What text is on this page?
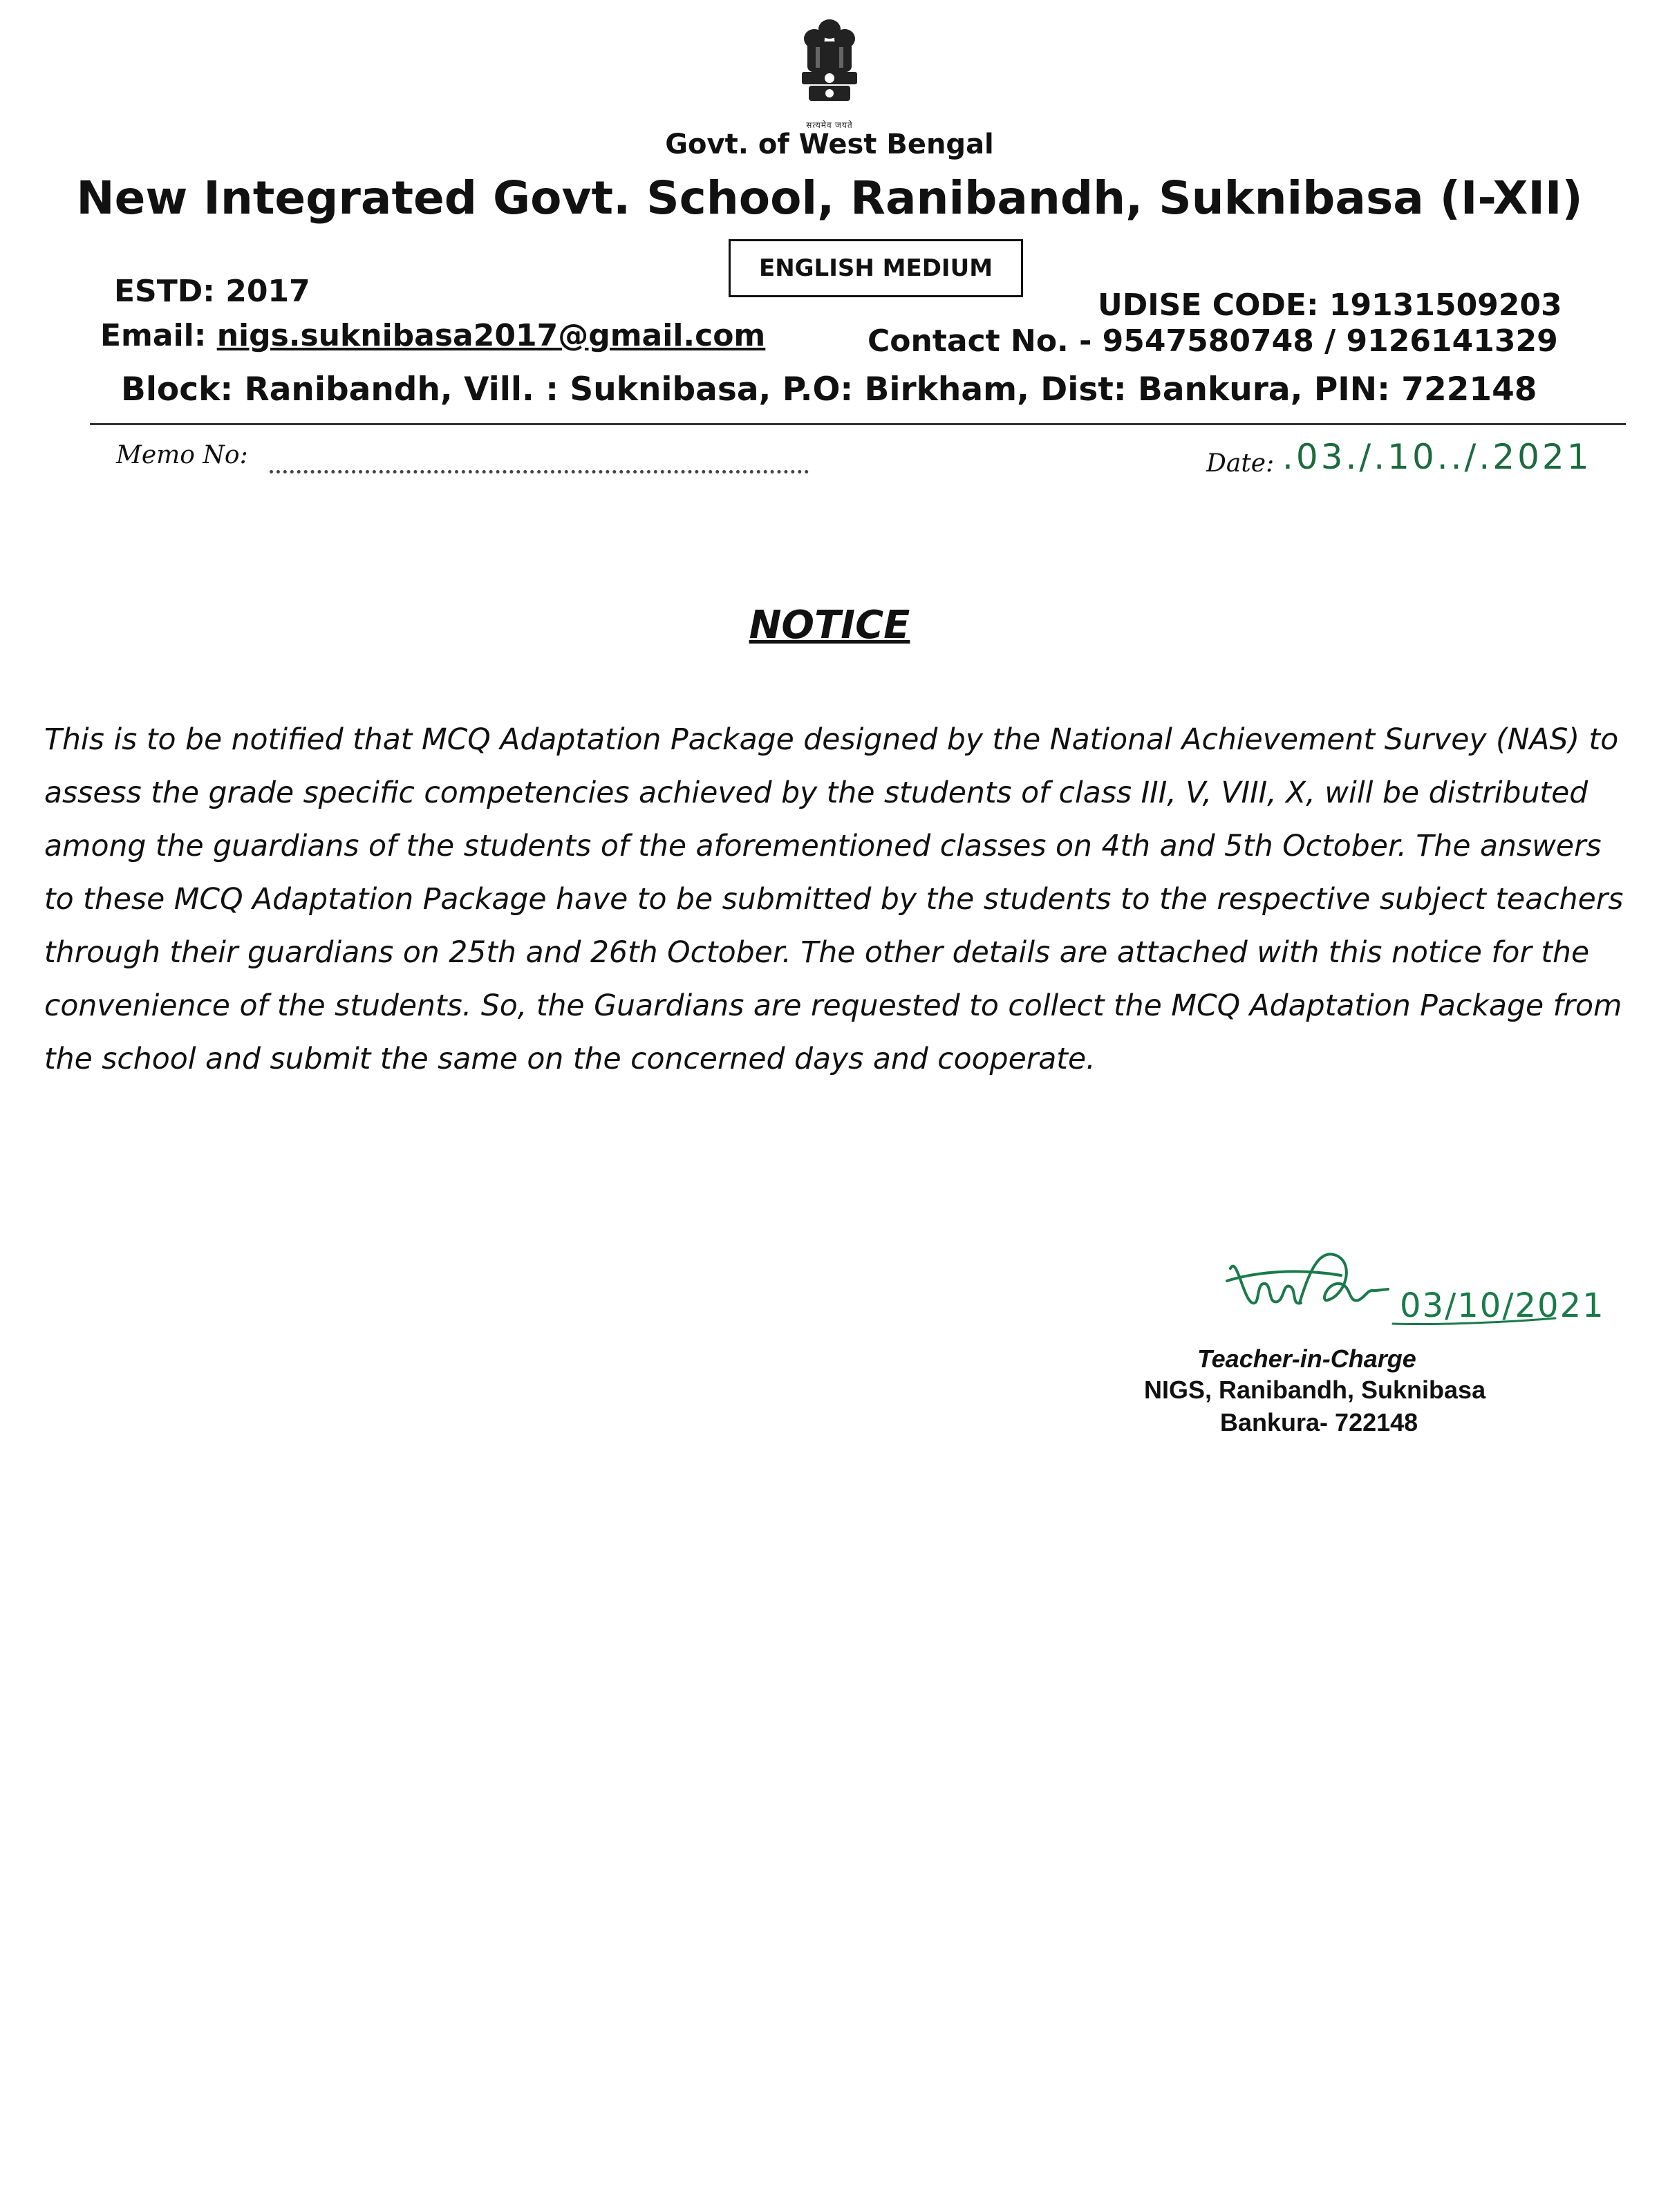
सत्यमेव जयते
Govt. of West Bengal
New Integrated Govt. School, Ranibandh, Suknibasa (I-XII)
ENGLISH MEDIUM
ESTD: 2017	UDISE CODE: 19131509203
Email: nigs.suknibasa2017@gmail.com	Contact No. - 9547580748 / 9126141329
Block: Ranibandh, Vill. : Suknibasa, P.O: Birkham, Dist: Bankura, PIN: 722148
Memo No:	Date: .03./.10../.2021
NOTICE
This is to be notified that MCQ Adaptation Package designed by the National Achievement Survey (NAS) to assess the grade specific competencies achieved by the students of class III, V, VIII, X, will be distributed among the guardians of the students of the aforementioned classes on 4th and 5th October. The answers to these MCQ Adaptation Package have to be submitted by the students to the respective subject teachers through their guardians on 25th and 26th October. The other details are attached with this notice for the convenience of the students. So, the Guardians are requested to collect the MCQ Adaptation Package from the school and submit the same on the concerned days and cooperate.
03/10/2021
Teacher-in-Charge
NIGS, Ranibandh, Suknibasa
Bankura- 722148
